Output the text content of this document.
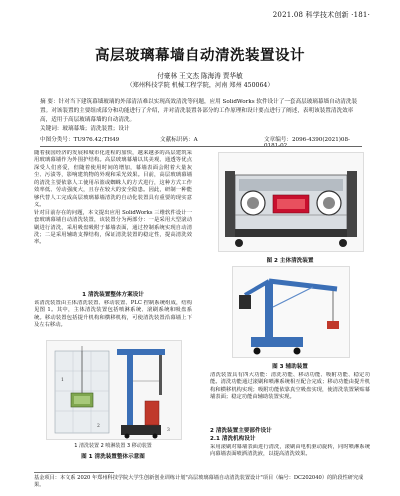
2021.08 科学技术创新 ·181·
高层玻璃幕墙自动清洗装置设计
付豪林 王文杰 陈海涛 贾华敏
（郑州科技学院 机械工程学院，河南 郑州 450064）
摘 要：针对当下建筑幕墙玻璃的外部清洁难以实现高效清洗等问题，应用 SolidWorks 软件设计了一套高层玻璃幕墙自动清洗装置。对该装置的主要组成部分和功能进行了介绍，并对清洗装置各部分的工作原理和设计要点进行了阐述，表明该装置清洗效率高，适用于高层玻璃幕墙的自动清洗。
关键词：玻璃幕墙；清洗装置；设计
中图分类号：TU976.42;TH49	文献标识码：A	文章编号：2096-4390(2021)08-0181-02
随着我国经济的发展和城市化进程的加快，越来越多的高层建筑采用玻璃幕墙作为外围护结构。高层玻璃幕墙以其美观、通透等优点深受人们喜爱，但随着使用时间的增加，幕墙表面会附着大量灰尘、污渍等，影响建筑物的外观和采光效果。目前，高层玻璃幕墙的清洗主要依靠人工使用吊篮或蜘蛛人的方式进行，这种方式工作效率低、劳动强度大，且存在较大的安全隐患。因此，研制一种能够代替人工完成高层玻璃幕墙清洗的自动化装置具有重要的现实意义。
针对目前存在的问题，本文提出应用 SolidWorks 三维软件设计一套玻璃幕墙自动清洗装置，该装置分为两部分：一是采用大型滚动刷进行清洗，采用吸盘吸附于幕墙表面，通过控制系统实现自动清洗；二是采用辅助支撑结构，保证清洗装置的稳定性，提高清洗效率。
1 清洗装置整体方案设计
该清洗装置由主体清洗装置、移动装置、PLC 控制系统组成，结构见图 1。其中，主体清洗装置包括喷淋系统、滚刷系统和吸盘系统。移动装置包括提升机构和横移机构，可使清洗装置沿幕墙上下及左右移动。
1
2
3
1 清洗装置 2 喷淋装置 3 移动装置
图 1 清洗装置整体示意图
图 2 主体清洗装置
图 3 辅助装置
清洗装置具有四大功能：清洗功能、移动功能、吸附功能、稳定功能。清洗功能通过滚刷和喷淋系统相互配合完成；移动功能由提升机构和横移机构实现；吸附功能依靠真空吸盘实现，使清洗装置紧贴幕墙表面；稳定功能由辅助装置实现。
2 清洗装置主要部件设计
2.1 清洗机构设计
采用滚刷对幕墙表面进行清洗，滚刷由电机驱动旋转，同时喷淋系统向幕墙表面喷洒清洗液，以提高清洗效果。
基金项目：本文系 2020 年郑州科技学院大学生创新创业训练计划"高层玻璃幕墙自动清洗装置设计"项目（编号：DC202040）的阶段性研究成果。
